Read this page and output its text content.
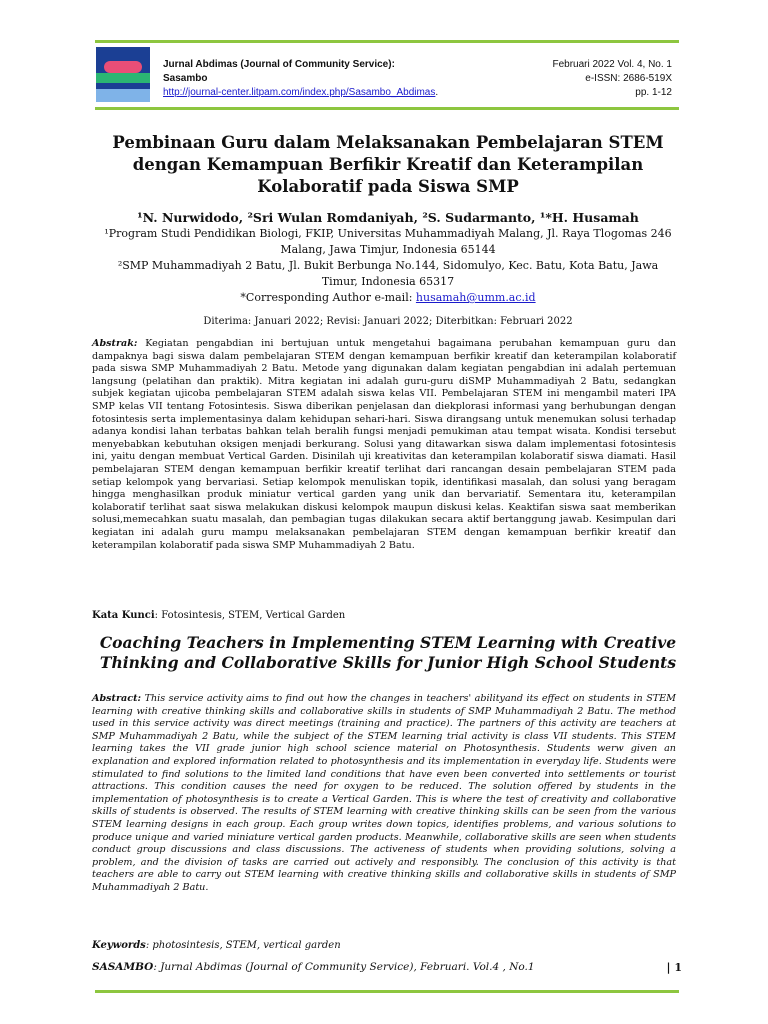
Jurnal Abdimas (Journal of Community Service):
Sasambo
http://journal-center.litpam.com/index.php/Sasambo_Abdimas.
Februari 2022 Vol. 4, No. 1
e-ISSN: 2686-519X
pp. 1-12
Pembinaan Guru dalam Melaksanakan Pembelajaran STEM dengan Kemampuan Berfikir Kreatif dan Keterampilan Kolaboratif pada Siswa SMP
¹N. Nurwidodo, ²Sri Wulan Romdaniyah, ²S. Sudarmanto, ¹*H. Husamah
¹Program Studi Pendidikan Biologi, FKIP, Universitas Muhammadiyah Malang, Jl. Raya Tlogomas 246 Malang, Jawa Timjur, Indonesia 65144
²SMP Muhammadiyah 2 Batu, Jl. Bukit Berbunga No.144, Sidomulyo, Kec. Batu, Kota Batu, Jawa Timur, Indonesia 65317
*Corresponding Author e-mail: husamah@umm.ac.id
Diterima: Januari 2022; Revisi: Januari 2022; Diterbitkan: Februari 2022
Abstrak: Kegiatan pengabdian ini bertujuan untuk mengetahui bagaimana perubahan kemampuan guru dan dampaknya bagi siswa dalam pembelajaran STEM dengan kemampuan berfikir kreatif dan keterampilan kolaboratif pada siswa SMP Muhammadiyah 2 Batu. Metode yang digunakan dalam kegiatan pengabdian ini adalah pertemuan langsung (pelatihan dan praktik). Mitra kegiatan ini adalah guru-guru diSMP Muhammadiyah 2 Batu, sedangkan subjek kegiatan ujicoba pembelajaran STEM adalah siswa kelas VII. Pembelajaran STEM ini mengambil materi IPA SMP kelas VII tentang Fotosintesis. Siswa diberikan penjelasan dan diekplorasi informasi yang berhubungan dengan fotosintesis serta implementasinya dalam kehidupan sehari-hari. Siswa dirangsang untuk menemukan solusi terhadap adanya kondisi lahan terbatas bahkan telah beralih fungsi menjadi pemukiman atau tempat wisata. Kondisi tersebut menyebabkan kebutuhan oksigen menjadi berkurang. Solusi yang ditawarkan siswa dalam implementasi fotosintesis ini, yaitu dengan membuat Vertical Garden. Disinilah uji kreativitas dan keterampilan kolaboratif siswa diamati. Hasil pembelajaran STEM dengan kemampuan berfikir kreatif terlihat dari rancangan desain pembelajaran STEM pada setiap kelompok yang bervariasi. Setiap kelompok menuliskan topik, identifikasi masalah, dan solusi yang beragam hingga menghasilkan produk miniatur vertical garden yang unik dan bervariatif. Sementara itu, keterampilan kolaboratif terlihat saat siswa melakukan diskusi kelompok maupun diskusi kelas. Keaktifan siswa saat memberikan solusi,memecahkan suatu masalah, dan pembagian tugas dilakukan secara aktif bertanggung jawab. Kesimpulan dari kegiatan ini adalah guru mampu melaksanakan pembelajaran STEM dengan kemampuan berfikir kreatif dan keterampilan kolaboratif pada siswa SMP Muhammadiyah 2 Batu.
Kata Kunci: Fotosintesis, STEM, Vertical Garden
Coaching Teachers in Implementing STEM Learning with Creative Thinking and Collaborative Skills for Junior High School Students
Abstract: This service activity aims to find out how the changes in teachers' abilityand its effect on students in STEM learning with creative thinking skills and collaborative skills in students of SMP Muhammadiyah 2 Batu. The method used in this service activity was direct meetings (training and practice). The partners of this activity are teachers at SMP Muhammadiyah 2 Batu, while the subject of the STEM learning trial activity is class VII students. This STEM learning takes the VII grade junior high school science material on Photosynthesis. Students werw given an explanation and explored information related to photosynthesis and its implementation in everyday life. Students were stimulated to find solutions to the limited land conditions that have even been converted into settlements or tourist attractions. This condition causes the need for oxygen to be reduced. The solution offered by students in the implementation of photosynthesis is to create a Vertical Garden. This is where the test of creativity and collaborative skills of students is observed. The results of STEM learning with creative thinking skills can be seen from the various STEM learning designs in each group. Each group writes down topics, identifies problems, and various solutions to produce unique and varied miniature vertical garden products. Meanwhile, collaborative skills are seen when students conduct group discussions and class discussions. The activeness of students when providing solutions, solving a problem, and the division of tasks are carried out actively and responsibly. The conclusion of this activity is that teachers are able to carry out STEM learning with creative thinking skills and collaborative skills in students of SMP Muhammadiyah 2 Batu.
Keywords: photosintesis, STEM, vertical garden
SASAMBO: Jurnal Abdimas (Journal of Community Service), Februari. Vol.4 , No.1	| 1
